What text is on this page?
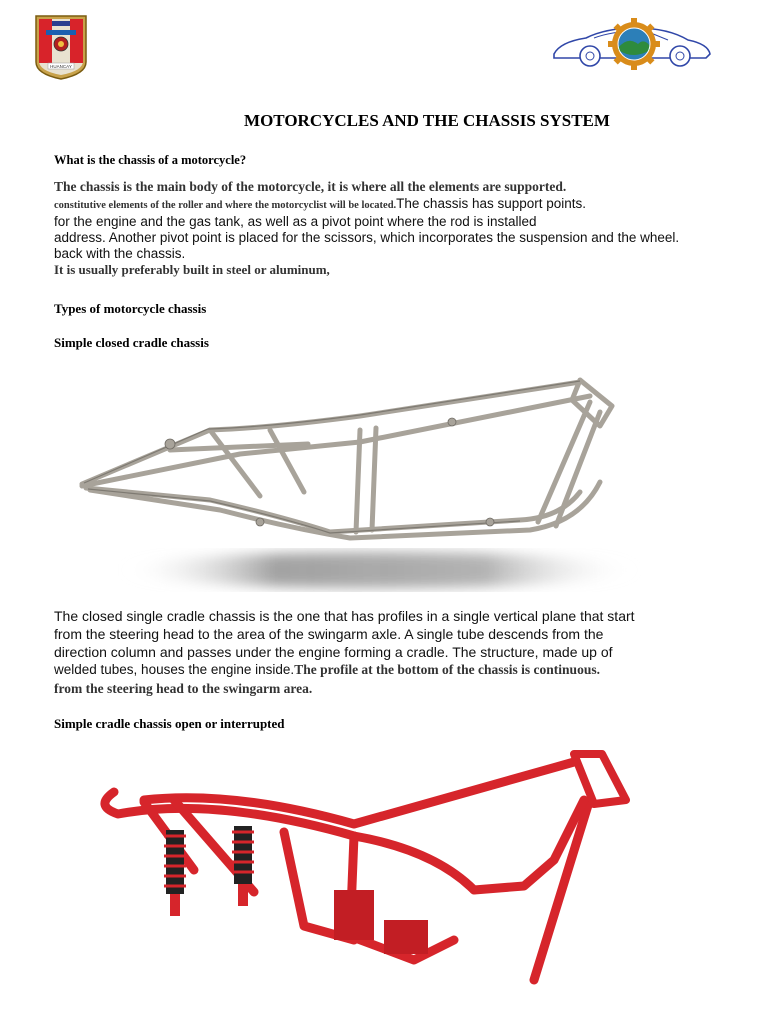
HUANCAY
MOTORCYCLES AND THE CHASSIS SYSTEM

What is the chassis of a motorcycle?

The chassis is the main body of the motorcycle, it is where all the elements are supported.
constitutive elements of the roller and where the motorcyclist will be located.The chassis has support points.
for the engine and the gas tank, as well as a pivot point where the rod is installed
address. Another pivot point is placed for the scissors, which incorporates the suspension and the wheel.
back with the chassis.
It is usually preferably built in steel or aluminum,

Types of motorcycle chassis

Simple closed cradle chassis

The closed single cradle chassis is the one that has profiles in a single vertical plane that start
from the steering head to the area of the swingarm axle. A single tube descends from the
direction column and passes under the engine forming a cradle. The structure, made up of
welded tubes, houses the engine inside.The profile at the bottom of the chassis is continuous.
from the steering head to the swingarm area.

Simple cradle chassis open or interrupted
